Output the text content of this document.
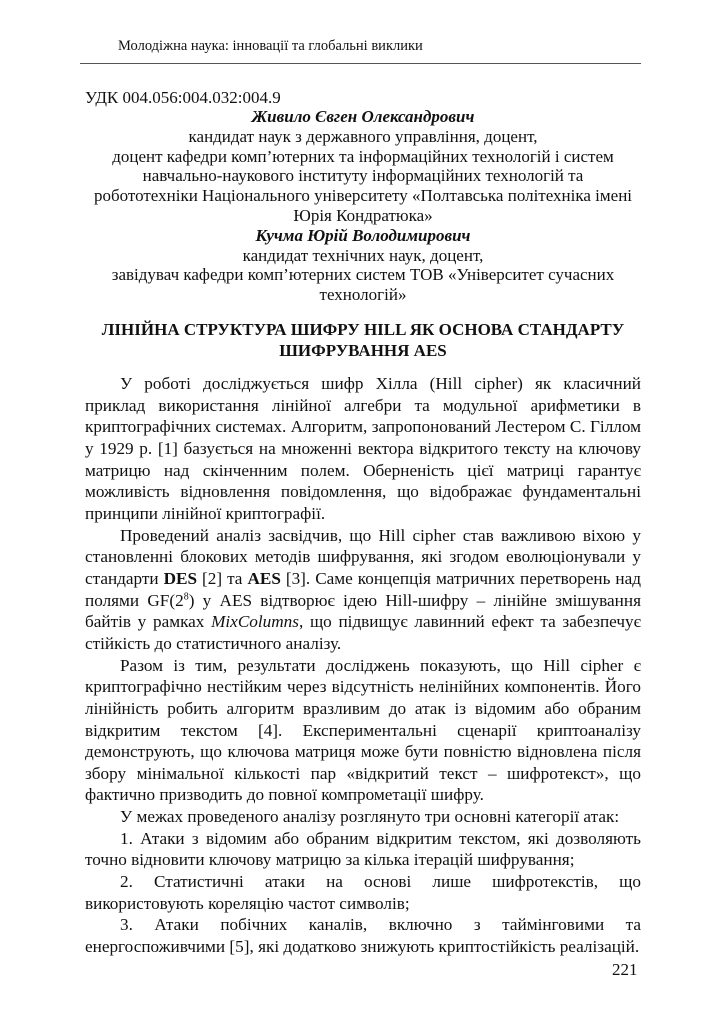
Молодіжна наука: інновації та глобальні виклики
УДК 004.056:004.032:004.9
Живило Євген Олександрович
кандидат наук з державного управління, доцент,
доцент кафедри комп’ютерних та інформаційних технологій і систем
навчально-наукового інституту інформаційних технологій та
робототехніки Національного університету «Полтавська політехніка імені
Юрія Кондратюка»
Кучма Юрій Володимирович
кандидат технічних наук, доцент,
завідувач кафедри комп’ютерних систем ТОВ «Університет сучасних
технологій»
ЛІНІЙНА СТРУКТУРА ШИФРУ HILL ЯК ОСНОВА СТАНДАРТУ
ШИФРУВАННЯ AES

У роботі досліджується шифр Хілла (Hill cipher) як класичний приклад використання лінійної алгебри та модульної арифметики в криптографічних системах. Алгоритм, запропонований Лестером С. Гіллом у 1929 р. [1] базується на множенні вектора відкритого тексту на ключову матрицю над скінченним полем. Оберненість цієї матриці гарантує можливість відновлення повідомлення, що відображає фундаментальні принципи лінійної криптографії.

Проведений аналіз засвідчив, що Hill cipher став важливою віхою у становленні блокових методів шифрування, які згодом еволюціонували у стандарти DES [2] та AES [3]. Саме концепція матричних перетворень над полями $GF(2^8)$ у AES відтворює ідею Hill-шифру – лінійне змішування байтів у рамках MixColumns, що підвищує лавинний ефект та забезпечує стійкість до статистичного аналізу.

Разом із тим, результати досліджень показують, що Hill cipher є криптографічно нестійким через відсутність нелінійних компонентів. Його лінійність робить алгоритм вразливим до атак із відомим або обраним відкритим текстом [4]. Експериментальні сценарії криптоаналізу демонструють, що ключова матриця може бути повністю відновлена після збору мінімальної кількості пар «відкритий текст – шифротекст», що фактично призводить до повної компрометації шифру.

У межах проведеного аналізу розглянуто три основні категорії атак:

1. Атаки з відомим або обраним відкритим текстом, які дозволяють точно відновити ключову матрицю за кілька ітерацій шифрування;

2. Статистичні атаки на основі лише шифротекстів, що використовують кореляцію частот символів;

3. Атаки побічних каналів, включно з таймінговими та енергоспоживчими [5], які додатково знижують криптостійкість реалізацій.

221
